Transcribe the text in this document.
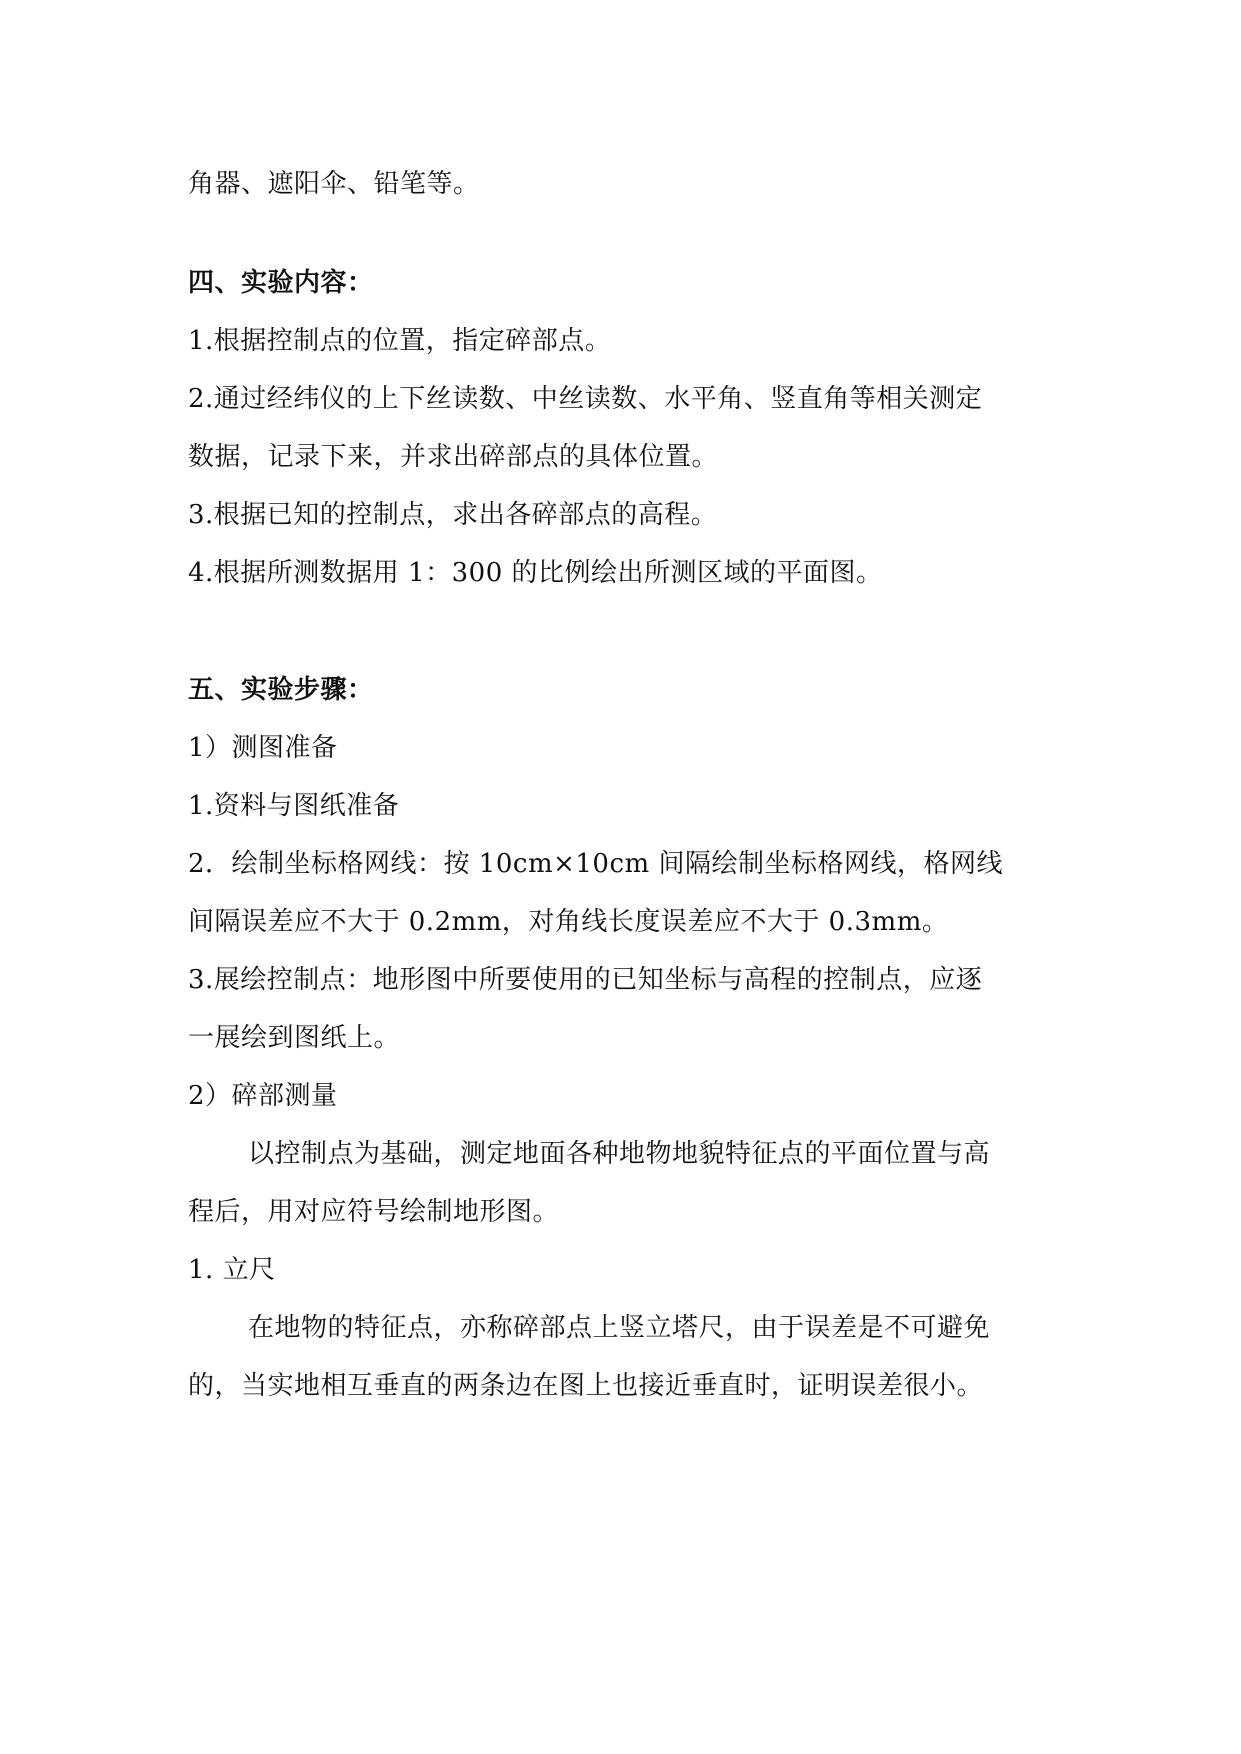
角器、遮阳伞、铅笔等。

四、实验内容：

1.根据控制点的位置，指定碎部点。

2.通过经纬仪的上下丝读数、中丝读数、水平角、竖直角等相关测定

数据，记录下来，并求出碎部点的具体位置。

3.根据已知的控制点，求出各碎部点的高程。

4.根据所测数据用 1：300 的比例绘出所测区域的平面图。

五、实验步骤：

1）测图准备

1.资料与图纸准备

2．绘制坐标格网线：按 10cm×10cm 间隔绘制坐标格网线，格网线

间隔误差应不大于 0.2mm，对角线长度误差应不大于 0.3mm。

3.展绘控制点：地形图中所要使用的已知坐标与高程的控制点，应逐

一展绘到图纸上。

2）碎部测量

以控制点为基础，测定地面各种地物地貌特征点的平面位置与高

程后，用对应符号绘制地形图。

1. 立尺

在地物的特征点，亦称碎部点上竖立塔尺，由于误差是不可避免

的，当实地相互垂直的两条边在图上也接近垂直时，证明误差很小。
